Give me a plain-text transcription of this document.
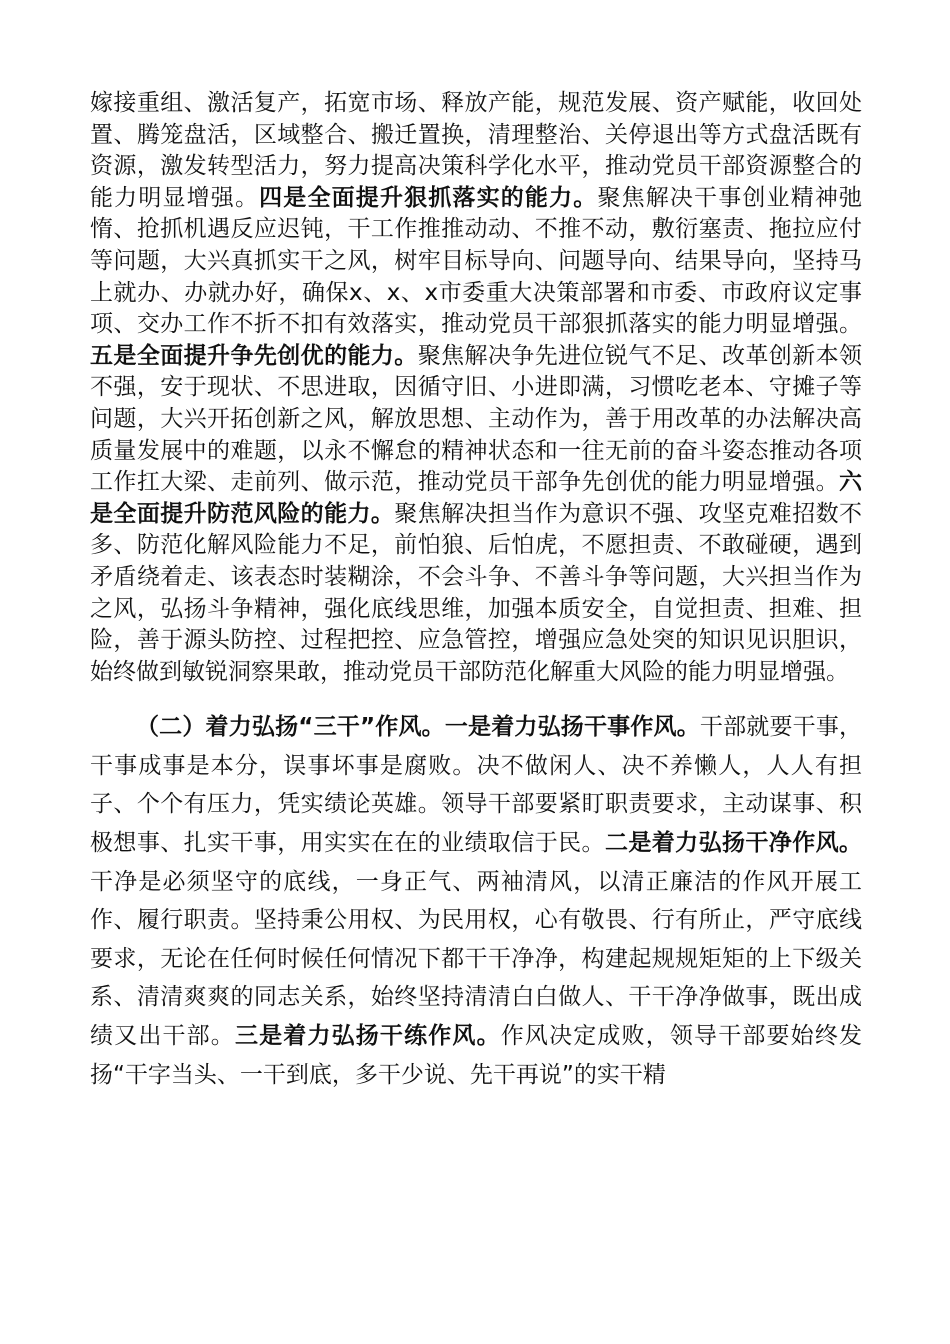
嫁接重组、激活复产，拓宽市场、释放产能，规范发展、资产赋能，收回处置、腾笼盘活，区域整合、搬迁置换，清理整治、关停退出等方式盘活既有资源，激发转型活力，努力提高决策科学化水平，推动党员干部资源整合的能力明显增强。四是全面提升狠抓落实的能力。聚焦解决干事创业精神弛惰、抢抓机遇反应迟钝，干工作推推动动、不推不动，敷衍塞责、拖拉应付等问题，大兴真抓实干之风，树牢目标导向、问题导向、结果导向，坚持马上就办、办就办好，确保x、x、x市委重大决策部署和市委、市政府议定事项、交办工作不折不扣有效落实，推动党员干部狠抓落实的能力明显增强。五是全面提升争先创优的能力。聚焦解决争先进位锐气不足、改革创新本领不强，安于现状、不思进取，因循守旧、小进即满，习惯吃老本、守摊子等问题，大兴开拓创新之风，解放思想、主动作为，善于用改革的办法解决高质量发展中的难题，以永不懈怠的精神状态和一往无前的奋斗姿态推动各项工作扛大梁、走前列、做示范，推动党员干部争先创优的能力明显增强。六是全面提升防范风险的能力。聚焦解决担当作为意识不强、攻坚克难招数不多、防范化解风险能力不足，前怕狼、后怕虎，不愿担责、不敢碰硬，遇到矛盾绕着走、该表态时装糊涂，不会斗争、不善斗争等问题，大兴担当作为之风，弘扬斗争精神，强化底线思维，加强本质安全，自觉担责、担难、担险，善于源头防控、过程把控、应急管控，增强应急处突的知识见识胆识，始终做到敏锐洞察果敢，推动党员干部防范化解重大风险的能力明显增强。

（二）着力弘扬“三干”作风。一是着力弘扬干事作风。干部就要干事，干事成事是本分，误事坏事是腐败。决不做闲人、决不养懒人，人人有担子、个个有压力，凭实绩论英雄。领导干部要紧盯职责要求，主动谋事、积极想事、扎实干事，用实实在在的业绩取信于民。二是着力弘扬干净作风。干净是必须坚守的底线，一身正气、两袖清风，以清正廉洁的作风开展工作、履行职责。坚持秉公用权、为民用权，心有敬畏、行有所止，严守底线要求，无论在任何时候任何情况下都干干净净，构建起规规矩矩的上下级关系、清清爽爽的同志关系，始终坚持清清白白做人、干干净净做事，既出成绩又出干部。三是着力弘扬干练作风。作风决定成败，领导干部要始终发扬“干字当头、一干到底，多干少说、先干再说”的实干精
